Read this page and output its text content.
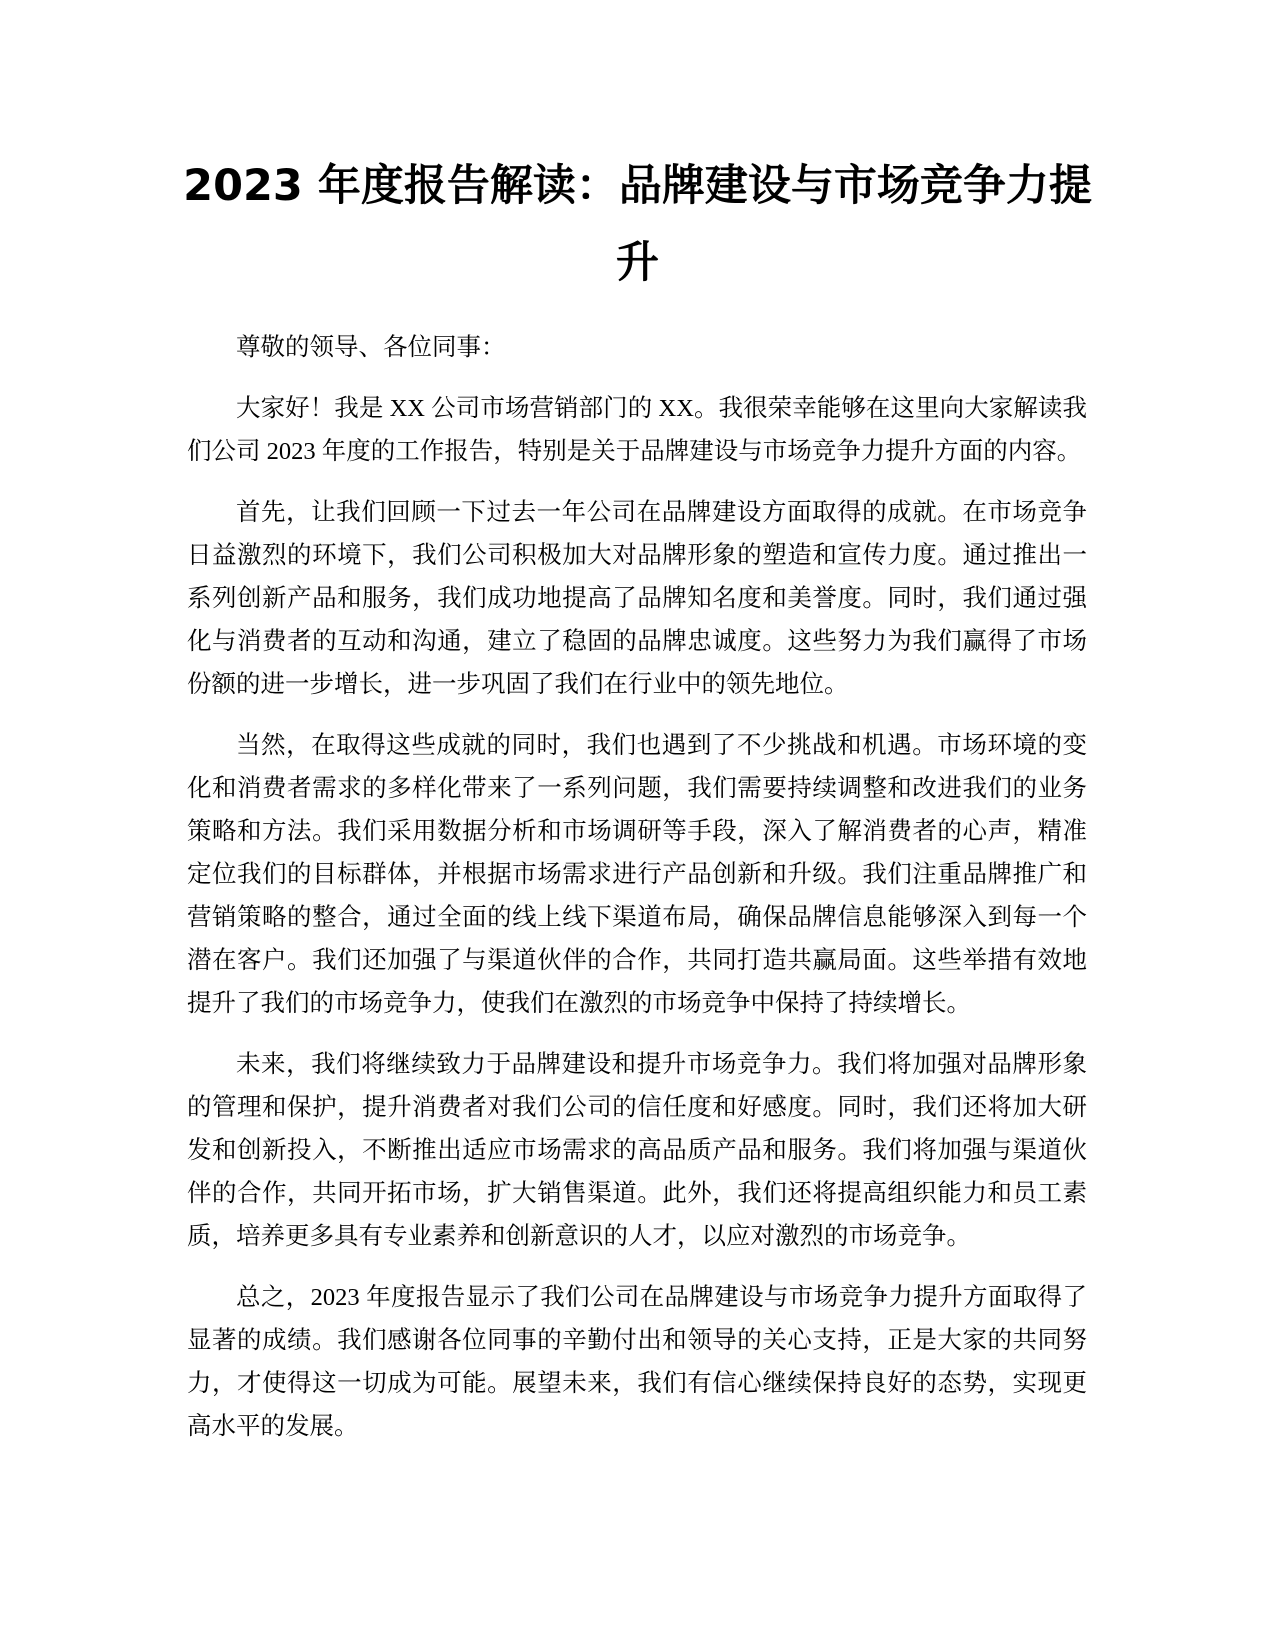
2023 年度报告解读：品牌建设与市场竞争力提升

尊敬的领导、各位同事：

大家好！我是 XX 公司市场营销部门的 XX。我很荣幸能够在这里向大家解读我们公司 2023 年度的工作报告，特别是关于品牌建设与市场竞争力提升方面的内容。

首先，让我们回顾一下过去一年公司在品牌建设方面取得的成就。在市场竞争日益激烈的环境下，我们公司积极加大对品牌形象的塑造和宣传力度。通过推出一系列创新产品和服务，我们成功地提高了品牌知名度和美誉度。同时，我们通过强化与消费者的互动和沟通，建立了稳固的品牌忠诚度。这些努力为我们赢得了市场份额的进一步增长，进一步巩固了我们在行业中的领先地位。

当然，在取得这些成就的同时，我们也遇到了不少挑战和机遇。市场环境的变化和消费者需求的多样化带来了一系列问题，我们需要持续调整和改进我们的业务策略和方法。我们采用数据分析和市场调研等手段，深入了解消费者的心声，精准定位我们的目标群体，并根据市场需求进行产品创新和升级。我们注重品牌推广和营销策略的整合，通过全面的线上线下渠道布局，确保品牌信息能够深入到每一个潜在客户。我们还加强了与渠道伙伴的合作，共同打造共赢局面。这些举措有效地提升了我们的市场竞争力，使我们在激烈的市场竞争中保持了持续增长。

未来，我们将继续致力于品牌建设和提升市场竞争力。我们将加强对品牌形象的管理和保护，提升消费者对我们公司的信任度和好感度。同时，我们还将加大研发和创新投入，不断推出适应市场需求的高品质产品和服务。我们将加强与渠道伙伴的合作，共同开拓市场，扩大销售渠道。此外，我们还将提高组织能力和员工素质，培养更多具有专业素养和创新意识的人才，以应对激烈的市场竞争。

总之，2023 年度报告显示了我们公司在品牌建设与市场竞争力提升方面取得了显著的成绩。我们感谢各位同事的辛勤付出和领导的关心支持，正是大家的共同努力，才使得这一切成为可能。展望未来，我们有信心继续保持良好的态势，实现更高水平的发展。
